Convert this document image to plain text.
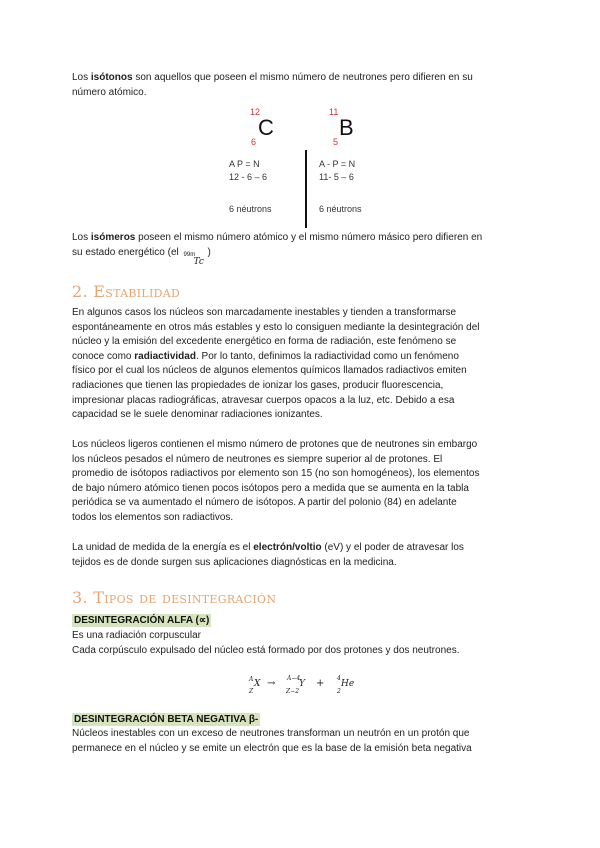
Los isótonos son aquellos que poseen el mismo número de neutrones pero difieren en su
número atómico.
12
C
6
11
B
5
A P = N
12 - 6 – 6
6 néutrons
A - P = N
11- 5 – 6
6 néutrons
Los isómeros poseen el mismo número atómico y el mismo número másico pero difieren en
su estado energético (el 99m
Tc
)
2. Estabilidad
En algunos casos los núcleos son marcadamente inestables y tienden a transformarse
espontáneamente en otros más estables y esto lo consiguen mediante la desintegración del
núcleo y la emisión del excedente energético en forma de radiación, este fenómeno se
conoce como radiactividad. Por lo tanto, definimos la radiactividad como un fenómeno
físico por el cual los núcleos de algunos elementos químicos llamados radiactivos emiten
radiaciones que tienen las propiedades de ionizar los gases, producir fluorescencia,
impresionar placas radiográficas, atravesar cuerpos opacos a la luz, etc. Debido a esa
capacidad se le suele denominar radiaciones ionizantes.
Los núcleos ligeros contienen el mismo número de protones que de neutrones sin embargo
los núcleos pesados el número de neutrones es siempre superior al de protones. El
promedio de isótopos radiactivos por elemento son 15 (no son homogéneos), los elementos
de bajo número atómico tienen pocos isótopos pero a medida que se aumenta en la tabla
periódica se va aumentado el número de isótopos. A partir del polonio (84) en adelante
todos los elementos son radiactivos.
La unidad de medida de la energía es el electrón/voltio (eV) y el poder de atravesar los
tejidos es de donde surgen sus aplicaciones diagnósticas en la medicina.
3. Tipos de desintegración
DESINTEGRACIÓN ALFA (∝)
Es una radiación corpuscular
Cada corpúsculo expulsado del núcleo está formado por dos protones y dos neutrones.
A
Z
X → A−4
Z−2
Y + 4
2
He
DESINTEGRACIÓN BETA NEGATIVA β-
Núcleos inestables con un exceso de neutrones transforman un neutrón en un protón que
permanece en el núcleo y se emite un electrón que es la base de la emisión beta negativa
